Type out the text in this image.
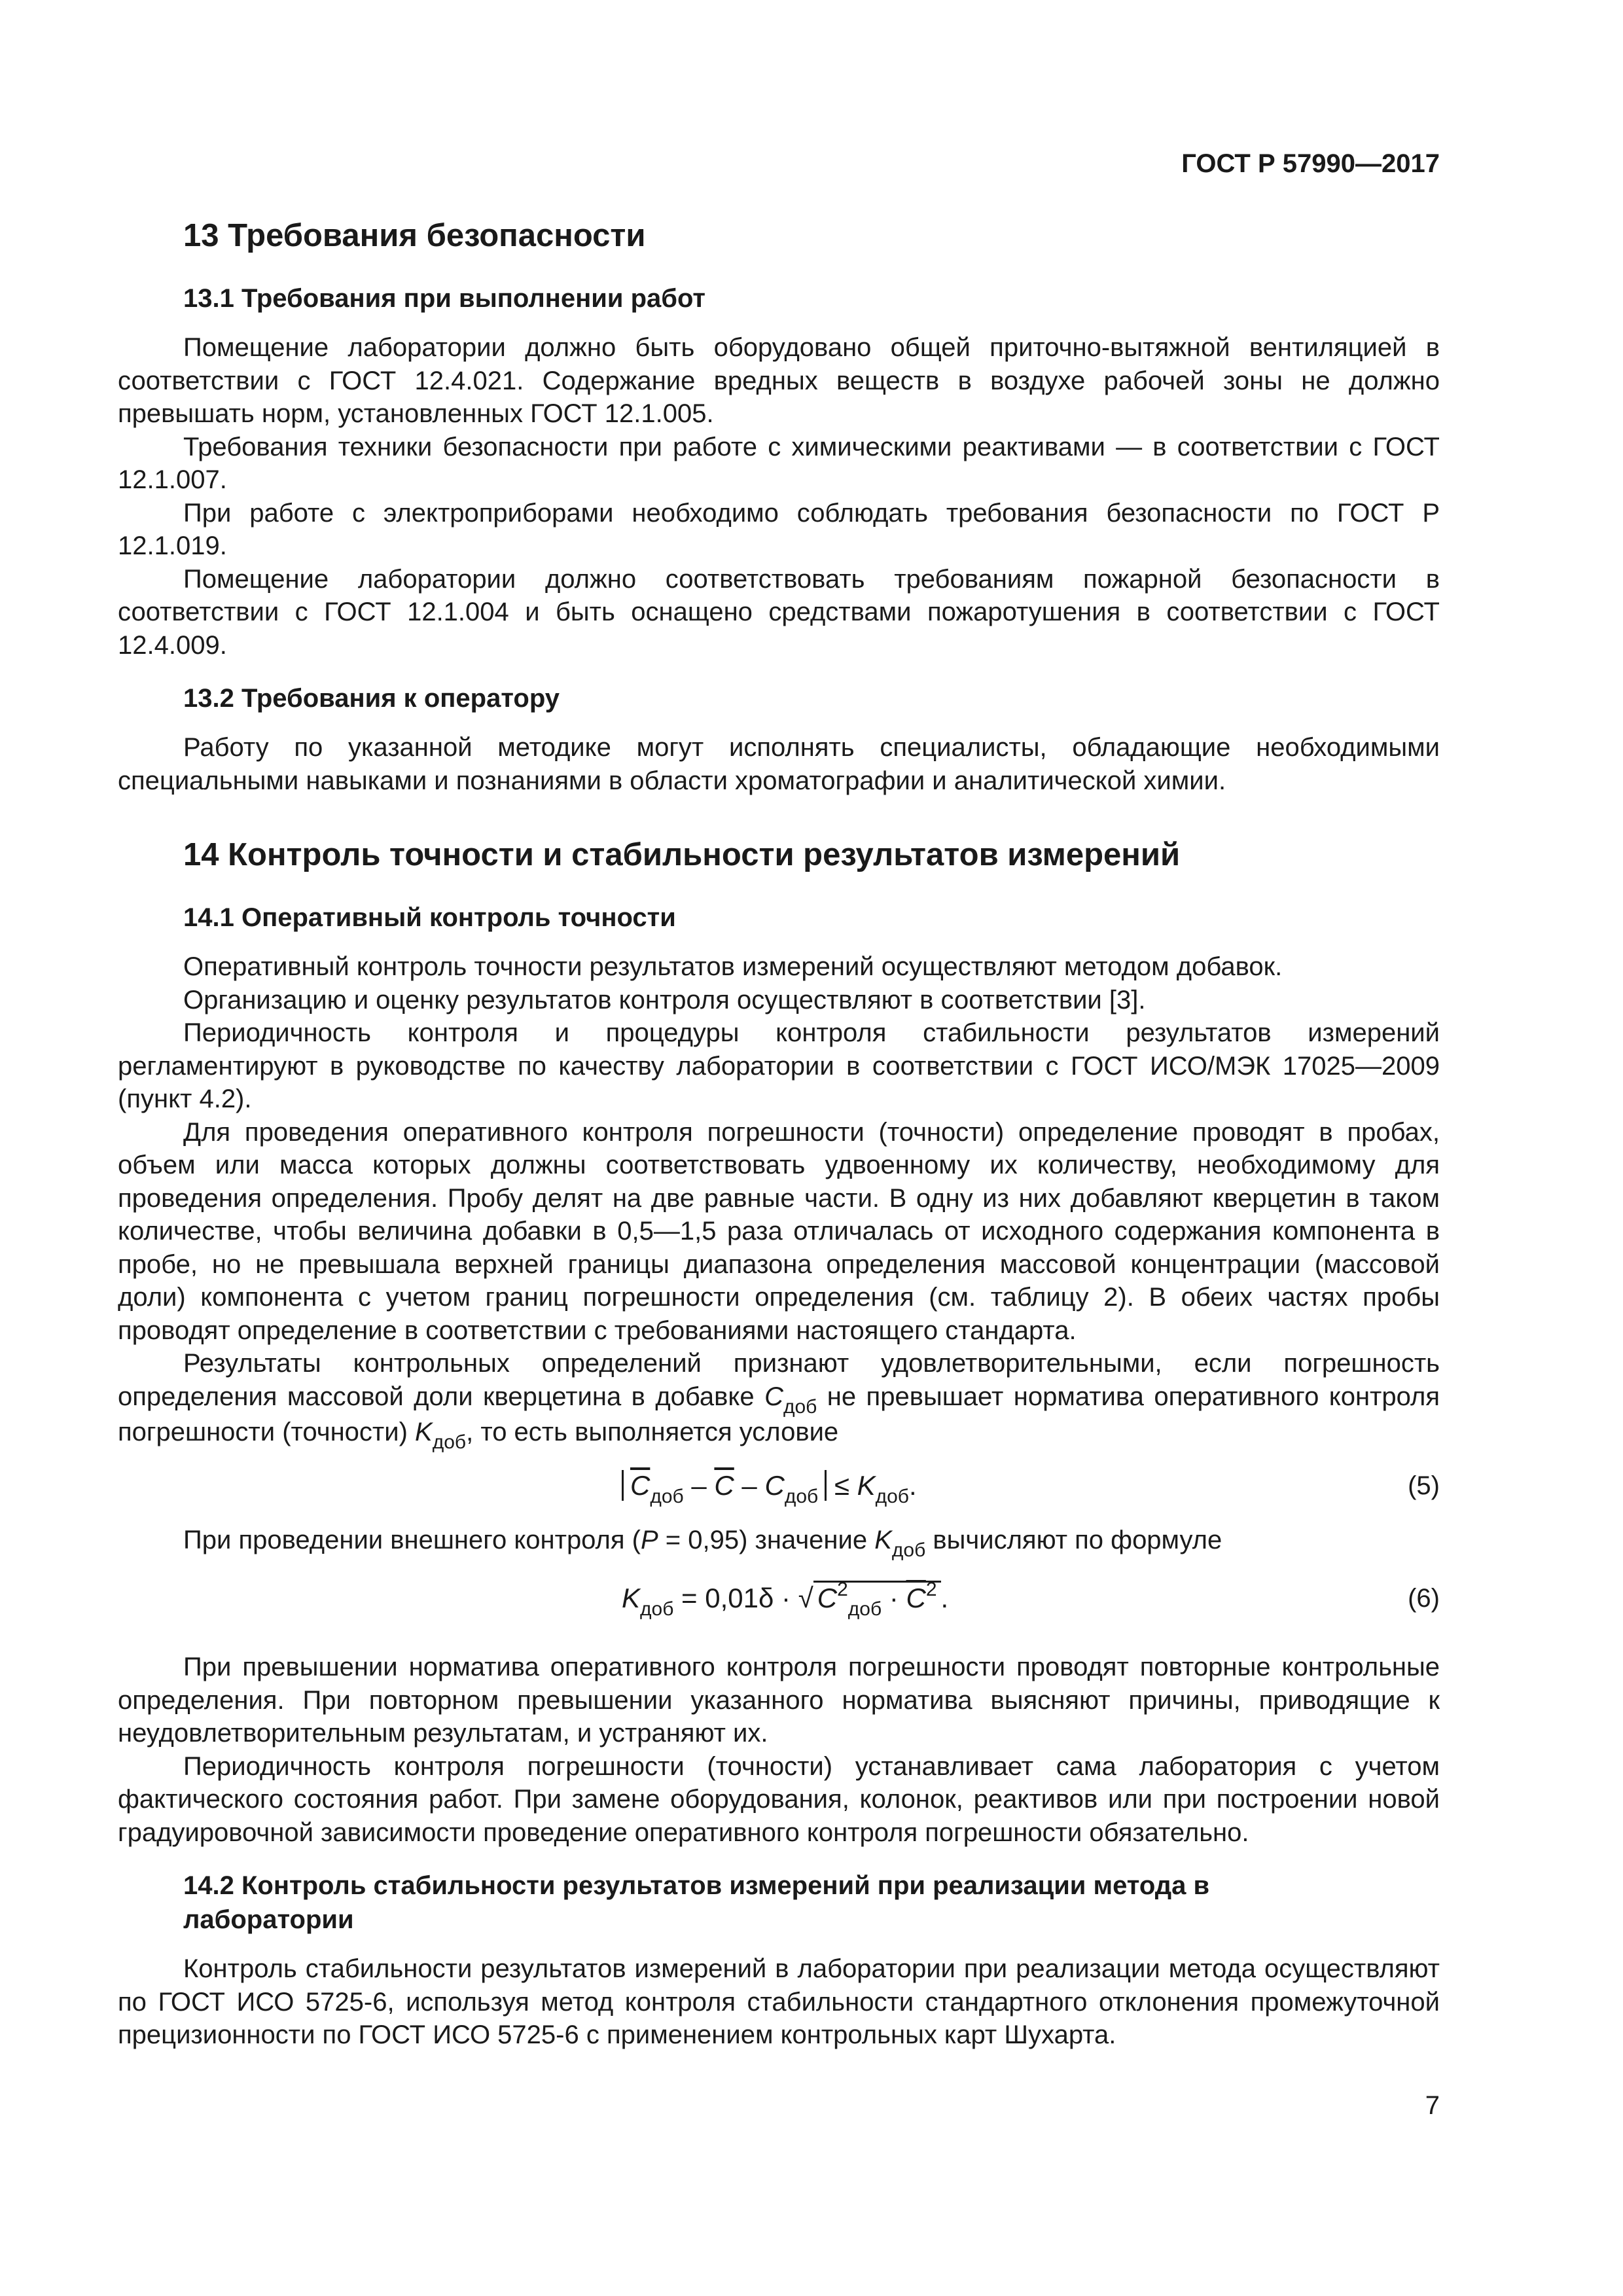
ГОСТ Р 57990—2017
13 Требования безопасности
13.1 Требования при выполнении работ

Помещение лаборатории должно быть оборудовано общей приточно-вытяжной вентиляцией в соответствии с ГОСТ 12.4.021. Содержание вредных веществ в воздухе рабочей зоны не должно превышать норм, установленных ГОСТ 12.1.005.

Требования техники безопасности при работе с химическими реактивами — в соответствии с ГОСТ 12.1.007.

При работе с электроприборами необходимо соблюдать требования безопасности по ГОСТ Р 12.1.019.

Помещение лаборатории должно соответствовать требованиям пожарной безопасности в соответствии с ГОСТ 12.1.004 и быть оснащено средствами пожаротушения в соответствии с ГОСТ 12.4.009.

13.2 Требования к оператору

Работу по указанной методике могут исполнять специалисты, обладающие необходимыми специальными навыками и познаниями в области хроматографии и аналитической химии.

14 Контроль точности и стабильности результатов измерений
14.1 Оперативный контроль точности

Оперативный контроль точности результатов измерений осуществляют методом добавок.

Организацию и оценку результатов контроля осуществляют в соответствии [3].

Периодичность контроля и процедуры контроля стабильности результатов измерений регламентируют в руководстве по качеству лаборатории в соответствии с ГОСТ ИСО/МЭК 17025—2009 (пункт 4.2).

Для проведения оперативного контроля погрешности (точности) определение проводят в пробах, объем или масса которых должны соответствовать удвоенному их количеству, необходимому для проведения определения. Пробу делят на две равные части. В одну из них добавляют кверцетин в таком количестве, чтобы величина добавки в 0,5—1,5 раза отличалась от исходного содержания компонента в пробе, но не превышала верхней границы диапазона определения массовой концентрации (массовой доли) компонента с учетом границ погрешности определения (см. таблицу 2). В обеих частях пробы проводят определение в соответствии с требованиями настоящего стандарта.

Результаты контрольных определений признают удовлетворительными, если погрешность определения массовой доли кверцетина в добавке $C_{доб}$ не превышает норматива оперативного контроля погрешности (точности) $K_{доб}$, то есть выполняется условие

$\overline{C}_{доб} - \overline{C} - C_{доб} \le K_{доб}$.	(5)

При проведении внешнего контроля (P = 0,95) значение $K_{доб}$ вычисляют по формуле

$K_{доб} = 0,01\delta$ · √ $C^2_{доб} \cdot \overline{C}^2$ .	(6)

При превышении норматива оперативного контроля погрешности проводят повторные контрольные определения. При повторном превышении указанного норматива выясняют причины, приводящие к неудовлетворительным результатам, и устраняют их.

Периодичность контроля погрешности (точности) устанавливает сама лаборатория с учетом фактического состояния работ. При замене оборудования, колонок, реактивов или при построении новой градуировочной зависимости проведение оперативного контроля погрешности обязательно.

14.2 Контроль стабильности результатов измерений при реализации метода в лаборатории

Контроль стабильности результатов измерений в лаборатории при реализации метода осуществляют по ГОСТ ИСО 5725-6, используя метод контроля стабильности стандартного отклонения промежуточной прецизионности по ГОСТ ИСО 5725-6 с применением контрольных карт Шухарта.

7
